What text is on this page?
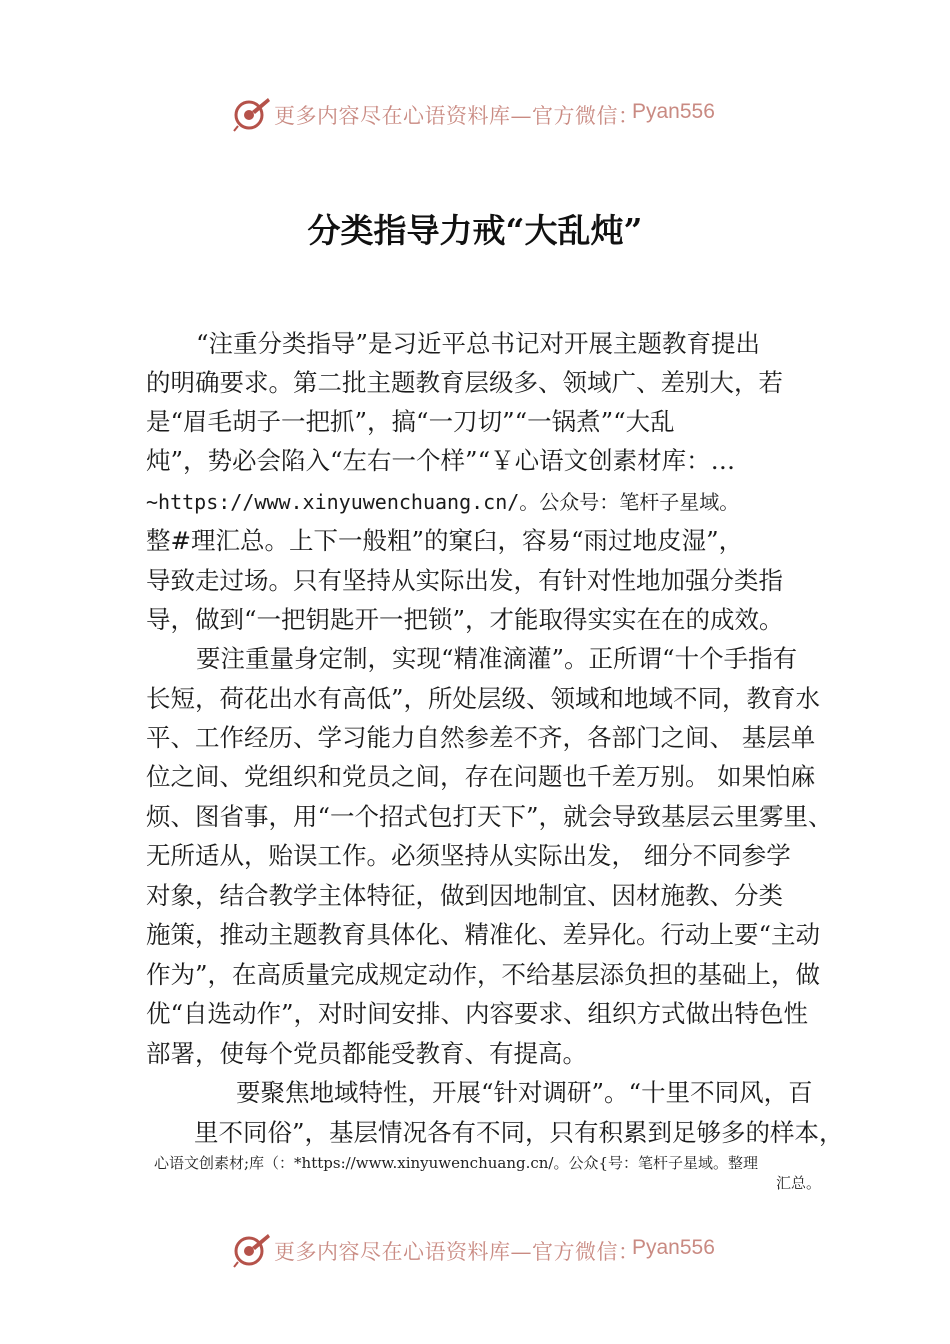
更多内容尽在心语资料库—官方微信：
Pyan556
分类指导力戒“大乱炖”
“注重分类指导”是习近平总书记对开展主题教育提出
的明确要求。第二批主题教育层级多、领域广、差别大，若
是“眉毛胡子一把抓”，搞“一刀切”“一锅煮”“大乱
炖”，势必会陷入“左右一个样”“￥心语文创素材库：…
~https://www.xinyuwenchuang.cn/。公众号：笔杆子星域。
整#理汇总。上下一般粗”的窠臼，容易“雨过地皮湿”，
导致走过场。只有坚持从实际出发，有针对性地加强分类指
导，做到“一把钥匙开一把锁”，才能取得实实在在的成效。
要注重量身定制，实现“精准滴灌”。正所谓“十个手指有
长短，荷花出水有高低”，所处层级、领域和地域不同，教育水
平、工作经历、学习能力自然参差不齐，各部门之间、 基层单
位之间、党组织和党员之间，存在问题也千差万别。 如果怕麻
烦、图省事，用“一个招式包打天下”，就会导致基层云里雾里、
无所适从，贻误工作。必须坚持从实际出发， 细分不同参学
对象，结合教学主体特征，做到因地制宜、因材施教、分类
施策，推动主题教育具体化、精准化、差异化。行动上要“主动
作为”，在高质量完成规定动作，不给基层添负担的基础上，做
优“自选动作”，对时间安排、内容要求、组织方式做出特色性
部署，使每个党员都能受教育、有提高。
要聚焦地域特性，开展“针对调研”。“十里不同风，百
里不同俗”，基层情况各有不同，只有积累到足够多的样本，
心语文创素材;库（：*https://www.xinyuwenchuang.cn/。公众{号：笔杆子星域。整理
汇总。
更多内容尽在心语资料库—官方微信：
Pyan556
